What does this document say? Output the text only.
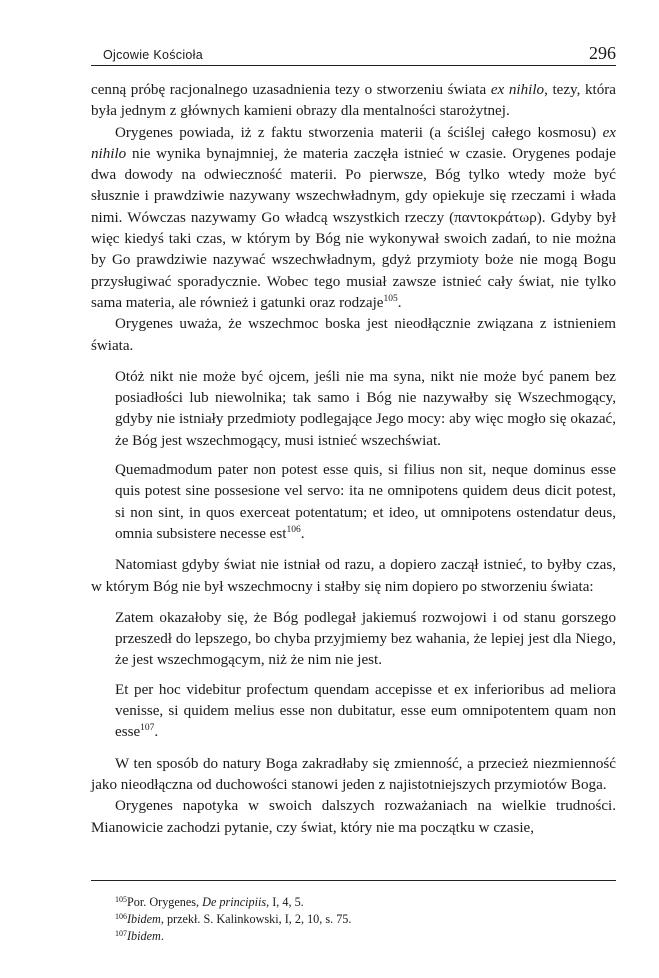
Ojcowie Kościoła	296

cenną próbę racjonalnego uzasadnienia tezy o stworzeniu świata ex nihilo, tezy, która była jednym z głównych kamieni obrazy dla mentalności starożytnej.

Orygenes powiada, iż z faktu stworzenia materii (a ściślej całego kosmosu) ex nihilo nie wynika bynajmniej, że materia zaczęła istnieć w czasie. Orygenes podaje dwa dowody na odwieczność materii. Po pierwsze, Bóg tylko wtedy może być słusznie i prawdziwie nazywany wszechwładnym, gdy opiekuje się rzeczami i włada nimi. Wówczas nazywamy Go władcą wszystkich rzeczy (παντοκράτωρ). Gdyby był więc kiedyś taki czas, w którym by Bóg nie wykonywał swoich zadań, to nie można by Go prawdziwie nazywać wszechwładnym, gdyż przymioty boże nie mogą Bogu przysługiwać sporadycznie. Wobec tego musiał zawsze istnieć cały świat, nie tylko sama materia, ale również i gatunki oraz rodzaje$^{105}$.

Orygenes uważa, że wszechmoc boska jest nieodłącznie związana z istnieniem świata.

Otóż nikt nie może być ojcem, jeśli nie ma syna, nikt nie może być panem bez posiadłości lub niewolnika; tak samo i Bóg nie nazywałby się Wszechmogący, gdyby nie istniały przedmioty podlegające Jego mocy: aby więc mogło się okazać, że Bóg jest wszechmogący, musi istnieć wszechświat.

Quemadmodum pater non potest esse quis, si filius non sit, neque dominus esse quis potest sine possesione vel servo: ita ne omnipotens quidem deus dicit potest, si non sint, in quos exerceat potentatum; et ideo, ut omnipotens ostendatur deus, omnia subsistere necesse est$^{106}$.

Natomiast gdyby świat nie istniał od razu, a dopiero zaczął istnieć, to byłby czas, w którym Bóg nie był wszechmocny i stałby się nim dopiero po stworzeniu świata:

Zatem okazałoby się, że Bóg podlegał jakiemuś rozwojowi i od stanu gorszego przeszedł do lepszego, bo chyba przyjmiemy bez wahania, że lepiej jest dla Niego, że jest wszechmogącym, niż że nim nie jest.

Et per hoc videbitur profectum quendam accepisse et ex inferioribus ad meliora venisse, si quidem melius esse non dubitatur, esse eum omnipotentem quam non esse$^{107}$.

W ten sposób do natury Boga zakradłaby się zmienność, a przecież niezmienność jako nieodłączna od duchowości stanowi jeden z najistotniejszych przymiotów Boga.

Orygenes napotyka w swoich dalszych rozważaniach na wielkie trudności. Mianowicie zachodzi pytanie, czy świat, który nie ma początku w czasie,

$^{105}$Por. Orygenes, De principiis, I, 4, 5.
$^{106}$Ibidem, przekł. S. Kalinkowski, I, 2, 10, s. 75.
$^{107}$Ibidem.
